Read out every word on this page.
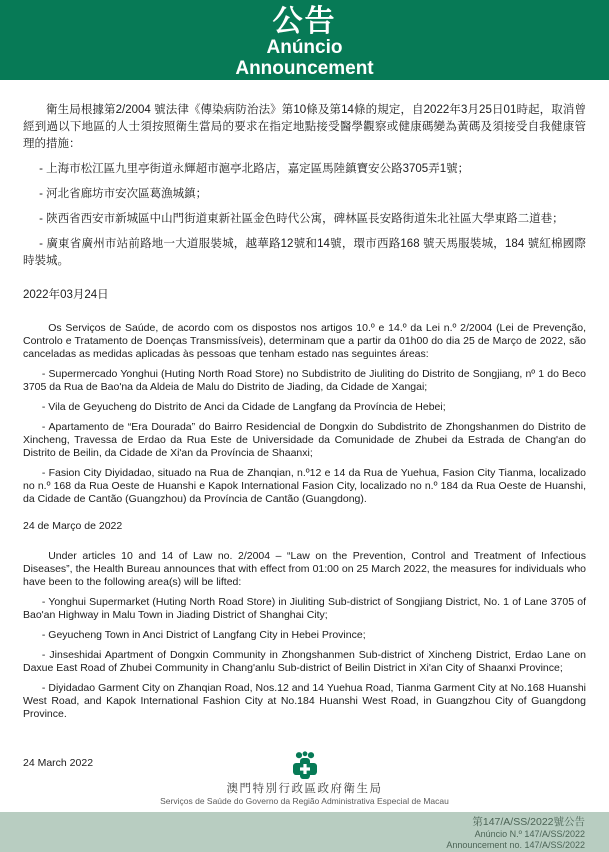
公告
Anúncio
Announcement

衛生局根據第2/2004 號法律《傳染病防治法》第10條及第14條的規定，自2022年3月25日01時起，取消曾經到過以下地區的人士須按照衛生當局的要求在指定地點接受醫學觀察或健康碼變為黃碼及須接受自我健康管理的措施：

- 上海市松江區九里亭街道永輝超市滬亭北路店，嘉定區馬陸鎮寶安公路3705弄1號；

- 河北省廊坊市安次區葛漁城鎮；

- 陝西省西安市新城區中山門街道東新社區金色時代公寓，碑林區長安路街道朱北社區大學東路二道巷；

- 廣東省廣州市站前路地一大道服裝城，越華路12號和14號，環市西路168 號天馬服裝城，184 號紅棉國際時裝城。

2022年03月24日

Os Serviços de Saúde, de acordo com os dispostos nos artigos 10.º e 14.º da Lei n.º 2/2004 (Lei de Prevenção, Controlo e Tratamento de Doenças Transmissíveis), determinam que a partir da 01h00 do dia 25 de Março de 2022, são canceladas as medidas aplicadas às pessoas que tenham estado nas seguintes áreas:

- Supermercado Yonghui (Huting North Road Store) no Subdistrito de Jiuliting do Distrito de Songjiang, nº 1 do Beco 3705 da Rua de Bao'na da Aldeia de Malu do Distrito de Jiading, da Cidade de Xangai;

- Vila de Geyucheng do Distrito de Anci da Cidade de Langfang da Província de Hebei;

- Apartamento de “Era Dourada” do Bairro Residencial de Dongxin do Subdistrito de Zhongshanmen do Distrito de Xincheng, Travessa de Erdao da Rua Este de Universidade da Comunidade de Zhubei da Estrada de Chang'an do Distrito de Beilin, da Cidade de Xi'an da Província de Shaanxi;

- Fasion City Diyidadao, situado na Rua de Zhanqian, n.º12 e 14 da Rua de Yuehua, Fasion City Tianma, localizado no n.º 168 da Rua Oeste de Huanshi e Kapok International Fasion City, localizado no n.º 184 da Rua Oeste de Huanshi, da Cidade de Cantão (Guangzhou) da Província de Cantão (Guangdong).

24 de Março de 2022

Under articles 10 and 14 of Law no. 2/2004 – “Law on the Prevention, Control and Treatment of Infectious Diseases”, the Health Bureau announces that with effect from 01:00 on 25 March 2022, the measures for individuals who have been to the following area(s) will be lifted:

- Yonghui Supermarket (Huting North Road Store) in Jiuliting Sub-district of Songjiang District, No. 1 of Lane 3705 of Bao'an Highway in Malu Town in Jiading District of Shanghai City;

- Geyucheng Town in Anci District of Langfang City in Hebei Province;

- Jinseshidai Apartment of Dongxin Community in Zhongshanmen Sub-district of Xincheng District, Erdao Lane on Daxue East Road of Zhubei Community in Chang'anlu Sub-district of Beilin District in Xi'an City of Shaanxi Province;

- Diyidadao Garment City on Zhanqian Road, Nos.12 and 14 Yuehua Road, Tianma Garment City at No.168 Huanshi West Road, and Kapok International Fashion City at No.184 Huanshi West Road, in Guangzhou City of Guangdong Province.

24 March 2022

澳門特別行政區政府衛生局
Serviços de Saúde do Governo da Região Administrativa Especial de Macau
第147/A/SS/2022號公告
Anúncio N.º 147/A/SS/2022
Announcement no. 147/A/SS/2022
